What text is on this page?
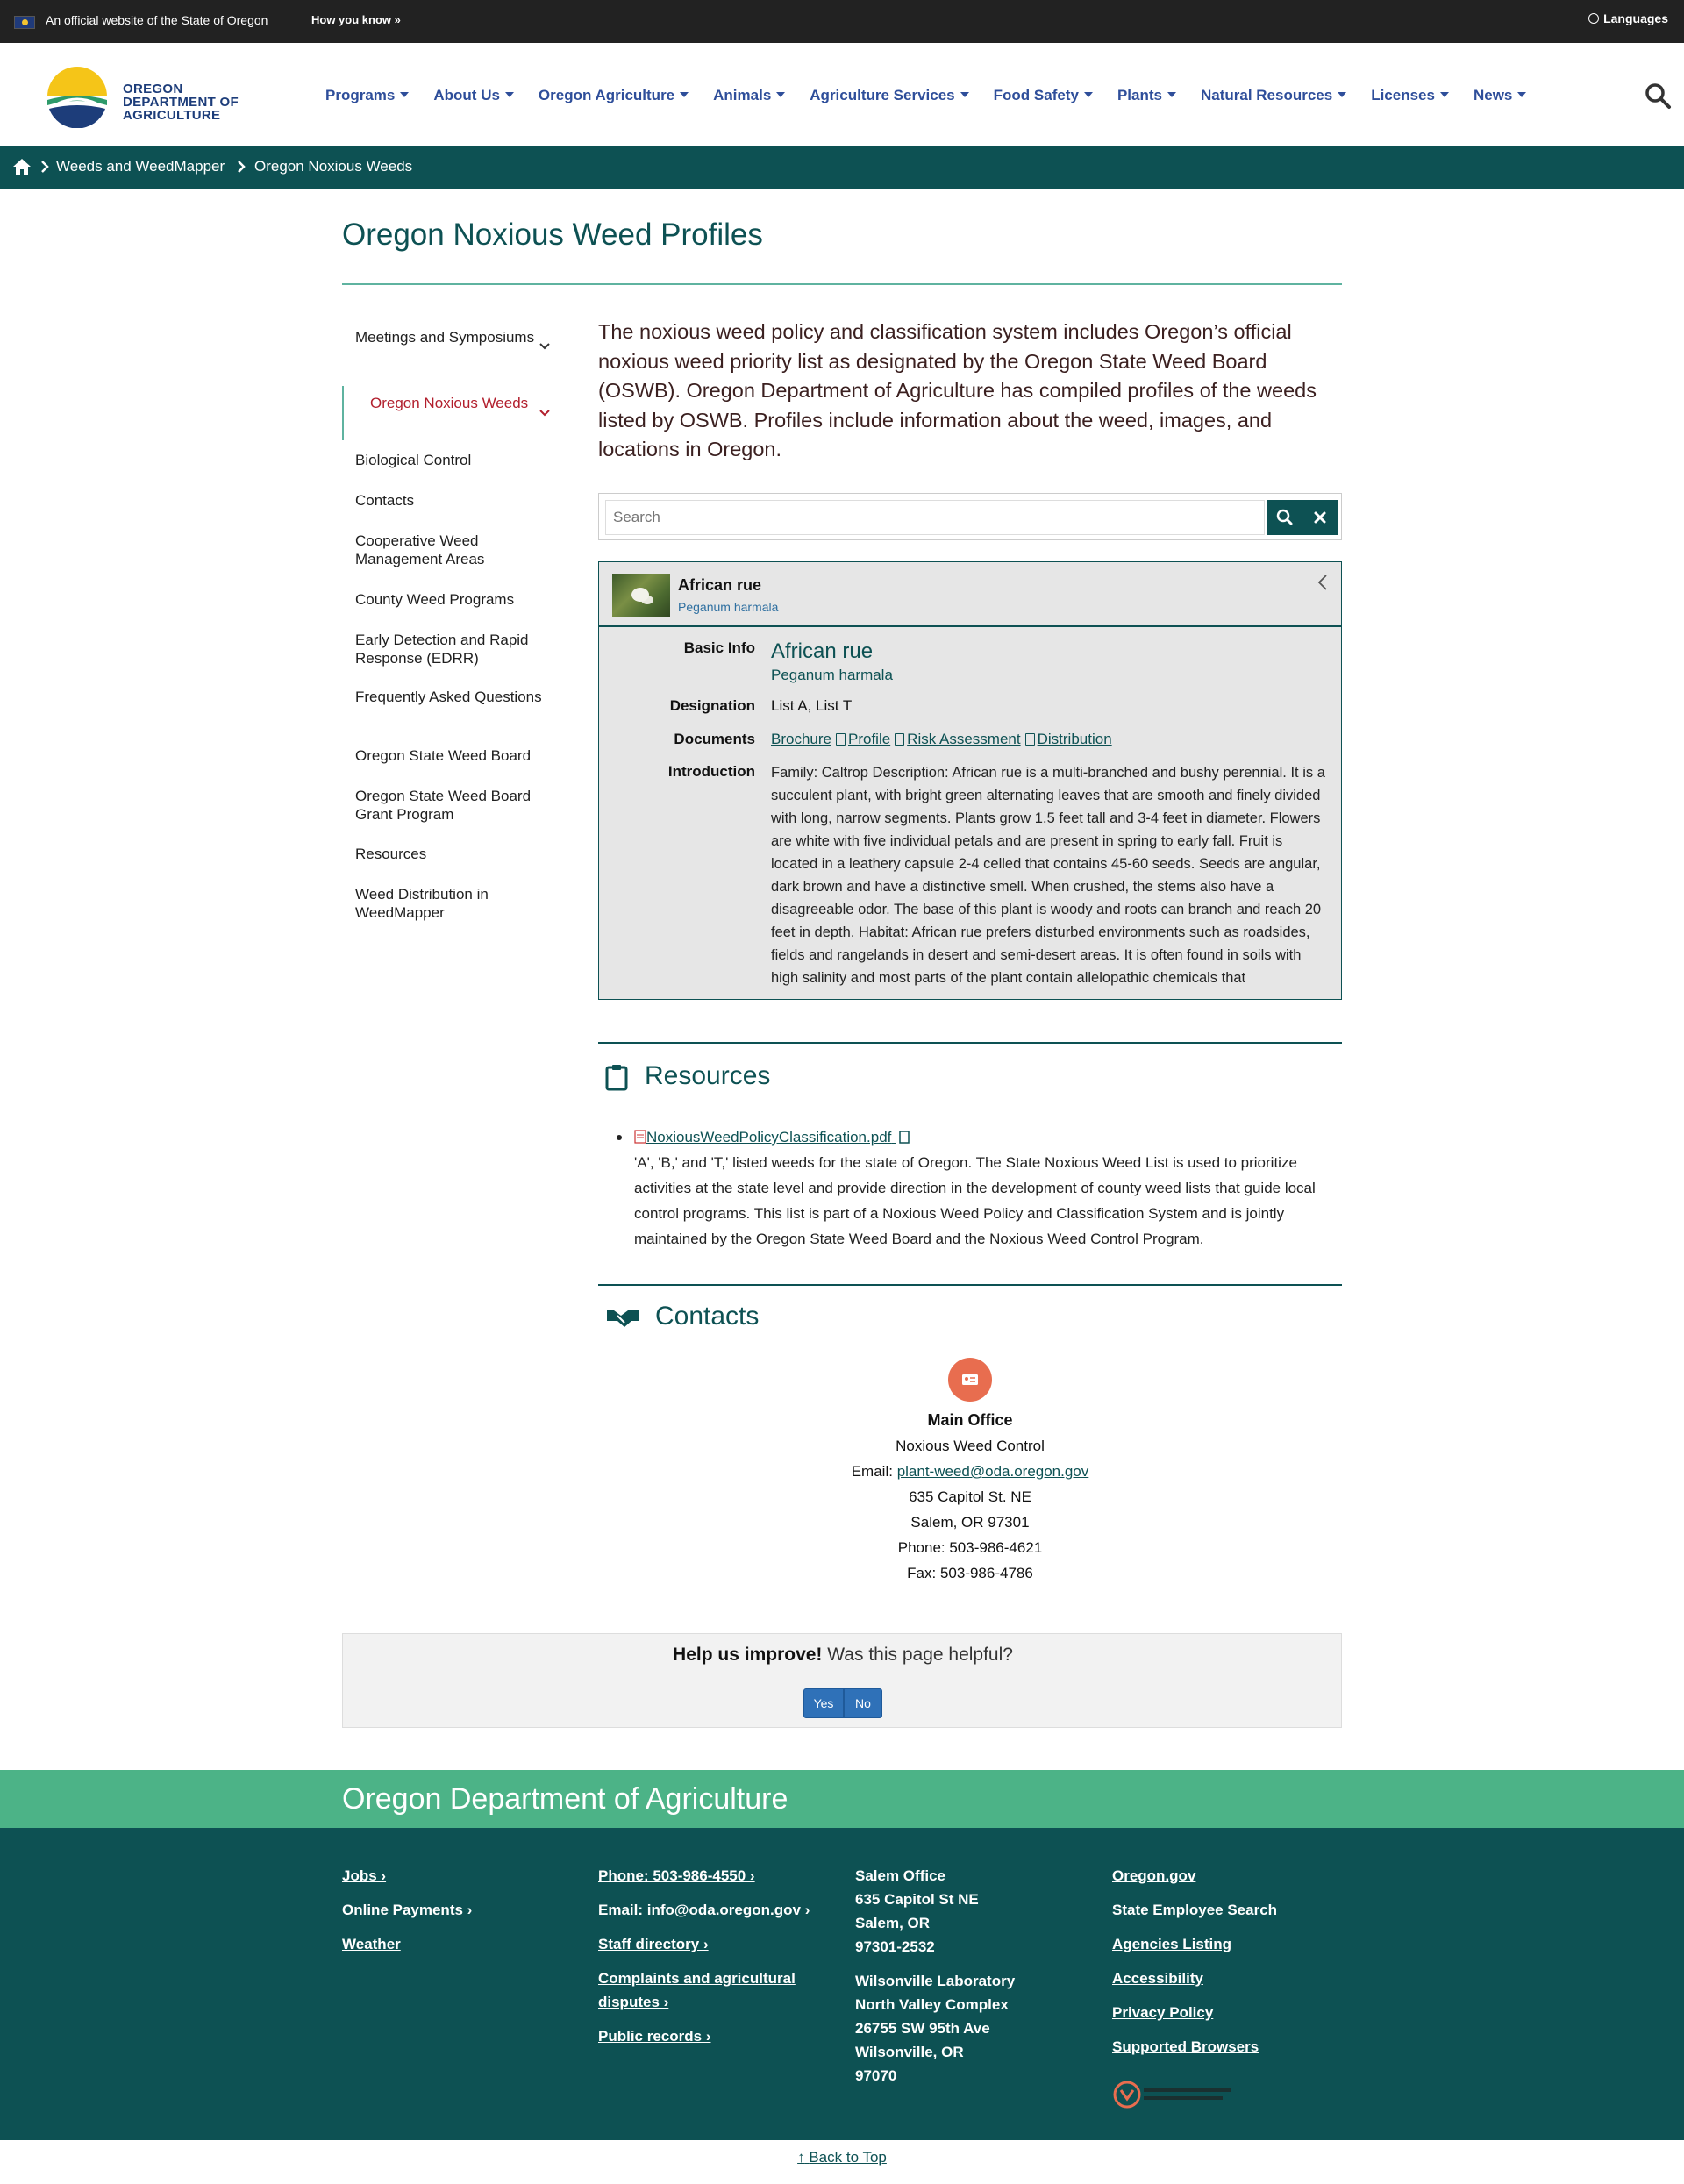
An official website of the State of Oregon	How you know »	Languages
OREGON
DEPARTMENT OF
AGRICULTURE
Programs	About Us	Oregon Agriculture	Animals	Agriculture Services	Food Safety	Plants	Natural Resources	Licenses	News
Weeds and WeedMapper Oregon Noxious Weeds
Oregon Noxious Weed Profiles
Meetings and Symposiums
Oregon Noxious Weeds
Biological Control
Contacts
Cooperative Weed Management Areas
County Weed Programs
Early Detection and Rapid Response (EDRR)
Frequently Asked Questions
Oregon State Weed Board
Oregon State Weed Board Grant Program
Resources
Weed Distribution in WeedMapper
The noxious weed policy and classification system includes Oregon’s official noxious weed priority list as designated by the Oregon State Weed Board (OSWB). Oregon Department of Agriculture has compiled profiles of the weeds listed by OSWB. Profiles include information about the weed, images, and locations in Oregon.
Search
African rue
Peganum harmala
Basic Info African rue
Peganum harmala
Designation List A, List T
Documents Brochure Profile Risk Assessment Distribution
Introduction Family: Caltrop Description: African rue is a multi-branched and bushy perennial. It is a succulent plant, with bright green alternating leaves that are smooth and finely divided with long, narrow segments. Plants grow 1.5 feet tall and 3-4 feet in diameter. Flowers are white with five individual petals and are present in spring to early fall. Fruit is located in a leathery capsule 2-4 celled that contains 45-60 seeds. Seeds are angular, dark brown and have a distinctive smell. When crushed, the stems also have a disagreeable odor. The base of this plant is woody and roots can branch and reach 20 feet in depth. Habitat: African rue prefers disturbed environments such as roadsides, fields and rangelands in desert and semi-desert areas. It is often found in soils with high salinity and most parts of the plant contain allelopathic chemicals that
Resources
NoxiousWeedPolicyClassification.pdf
'A', 'B,' and 'T,' listed weeds for the state of Oregon. The State Noxious Weed List is used to prioritize activities at the state level and provide direction in the development of county weed lists that guide local control programs. This list is part of a Noxious Weed Policy and Classification System and is jointly maintained by the Oregon State Weed Board and the Noxious Weed Control Program.
Contacts
Main Office
Noxious Weed Control
Email: plant-weed@oda.oregon.gov
635 Capitol St. NE
Salem, OR 97301
Phone: 503-986-4621
Fax: 503-986-4786
Help us improve! Was this page helpful?
Yes	No
Oregon Department of Agriculture
Jobs ›
Online Payments ›
Weather
Phone: 503-986-4550 ›
Email: info@oda.oregon.gov ›
Staff directory ›
Complaints and agricultural disputes ›
Public records ›
Salem Office
635 Capitol St NE
Salem, OR
97301-2532
Wilsonville Laboratory
North Valley Complex
26755 SW 95th Ave
Wilsonville, OR
97070
Oregon.gov
State Employee Search
Agencies Listing
Accessibility
Privacy Policy
Supported Browsers
↑ Back to Top
